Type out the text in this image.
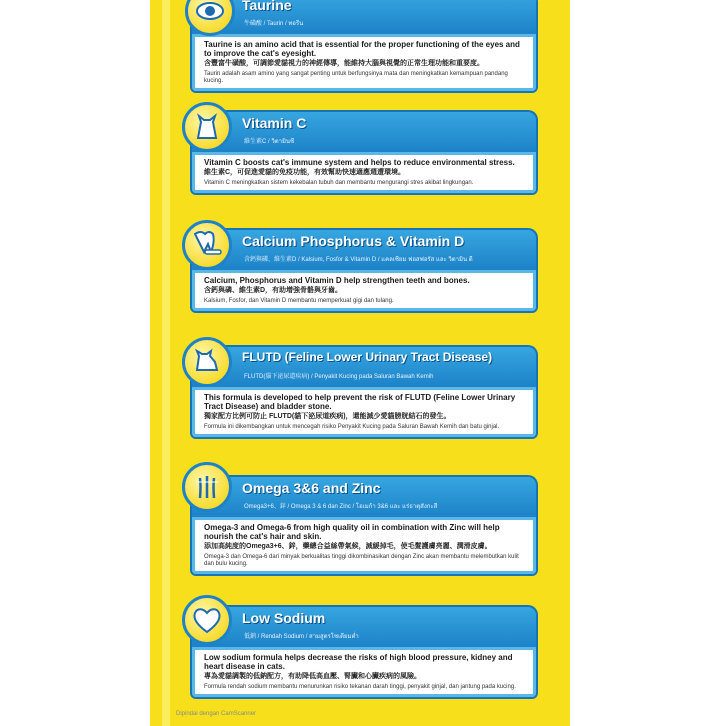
Taurine
牛磺酸 / Taurin / ทอรีน
Taurine is an amino acid that is essential for the proper functioning of the eyes and to improve the cat's eyesight.
含豐富牛磺酸，可調節愛貓視力的神經傳導，能維持大腦與視覺的正常生理功能和重要度。
Taurin adalah asam amino yang sangat penting untuk berfungsinya mata dan meningkatkan kemampuan pandang kucing.
Vitamin C
維生素C / วิตามินซี
Vitamin C boosts cat's immune system and helps to reduce environmental stress.
維生素C，可促進愛貓的免疫功能，有效幫助快速適應週遭環境。
Vitamin C meningkatkan sistem kekebalan tubuh dan membantu mengurangi stres akibat lingkungan.
Calcium Phosphorus & Vitamin D
含鈣與磷、維生素D / Kalsium, Fosfor & Vitamin D / แคลเซียม ฟอสฟอรัส และ วิตามิน ดี
Calcium, Phosphorus and Vitamin D help strengthen teeth and bones.
含鈣與磷、維生素D，有助增強骨骼與牙齒。
Kalsium, Fosfor, dan Vitamin D membantu memperkuat gigi dan tulang.
FLUTD (Feline Lower Urinary Tract Disease)
FLUTD(貓下泌尿道疾病) / Penyakit Kucing pada Saluran Bawah Kemih
This formula is developed to help prevent the risk of FLUTD (Feline Lower Urinary Tract Disease) and bladder stone.
獨家配方比例可防止 FLUTD(貓下泌尿道疾病)，還能減少愛貓膀胱結石的發生。
Formula ini dikembangkan untuk mencegah risiko Penyakit Kucing pada Saluran Bawah Kemih dan batu ginjal.
Omega 3&6 and Zinc
Omega3+6、鋅 / Omega 3 & 6 dan Zinc / โอเมก้า 3&6 และ แร่ธาตุสังกะสี
Omega-3 and Omega-6 from high quality oil in combination with Zinc will help nourish the cat's hair and skin.
添加高純度的Omega3+6、鋅，藥總合益絲帶氣候，減緩掉毛，使毛髮護膚亮麗、潤滑皮膚。
Omega-3 dan Omega-6 dari minyak berkualitas tinggi dikombinasikan dengan Zinc akan membantu melembutkan kulit dan bulu kucing.
Low Sodium
低鈉 / Rendah Sodium / สามสูตรโซเดียมต่ำ
Low sodium formula helps decrease the risks of high blood pressure, kidney and heart disease in cats.
專為愛貓調製的低鈉配方，有助降低高血壓、腎臟和心臟疾病的風險。
Formula rendah sodium membantu menurunkan risiko tekanan darah tinggi, penyakit ginjal, dan jantung pada kucing.
Dipindai dengan CamScanner
